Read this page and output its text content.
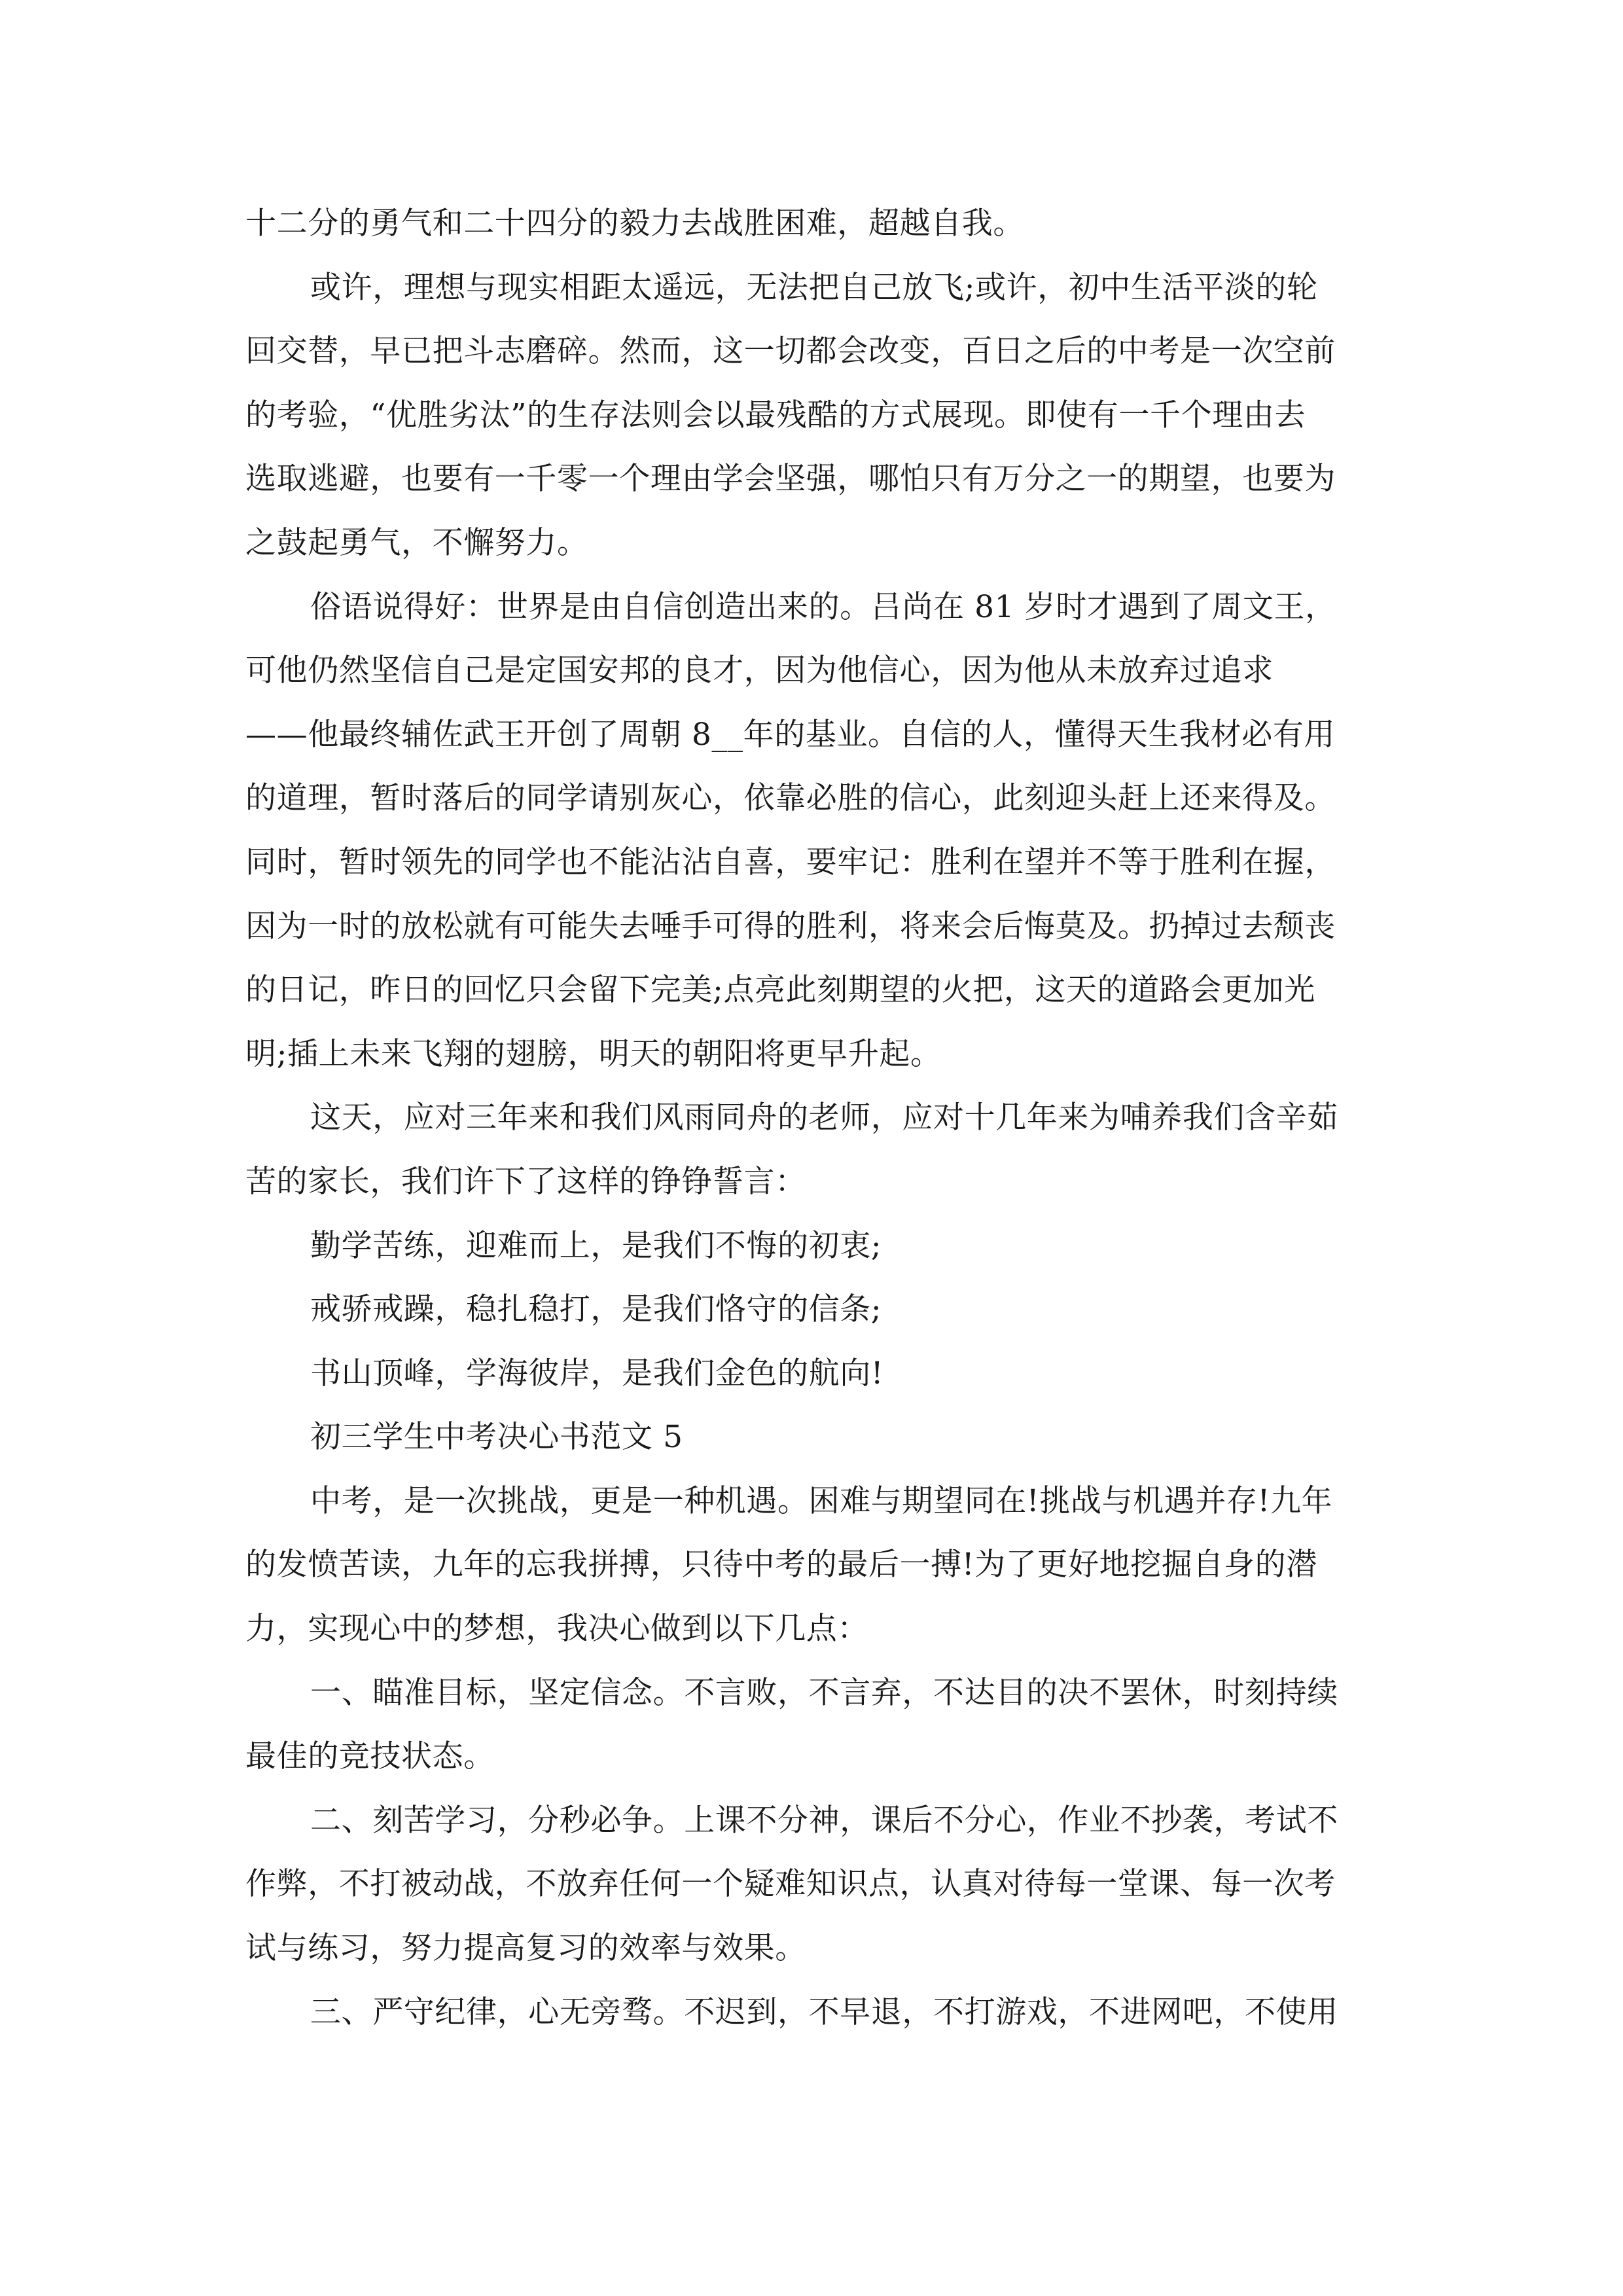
十二分的勇气和二十四分的毅力去战胜困难，超越自我。
或许，理想与现实相距太遥远，无法把自己放飞;或许，初中生活平淡的轮
回交替，早已把斗志磨碎。然而，这一切都会改变，百日之后的中考是一次空前
的考验，“优胜劣汰”的生存法则会以最残酷的方式展现。即使有一千个理由去
选取逃避，也要有一千零一个理由学会坚强，哪怕只有万分之一的期望，也要为
之鼓起勇气，不懈努力。
俗语说得好：世界是由自信创造出来的。吕尚在 81 岁时才遇到了周文王，
可他仍然坚信自己是定国安邦的良才，因为他信心，因为他从未放弃过追求
——他最终辅佐武王开创了周朝 8__年的基业。自信的人，懂得天生我材必有用
的道理，暂时落后的同学请别灰心，依靠必胜的信心，此刻迎头赶上还来得及。
同时，暂时领先的同学也不能沾沾自喜，要牢记：胜利在望并不等于胜利在握，
因为一时的放松就有可能失去唾手可得的胜利，将来会后悔莫及。扔掉过去颓丧
的日记，昨日的回忆只会留下完美;点亮此刻期望的火把，这天的道路会更加光
明;插上未来飞翔的翅膀，明天的朝阳将更早升起。
这天，应对三年来和我们风雨同舟的老师，应对十几年来为哺养我们含辛茹
苦的家长，我们许下了这样的铮铮誓言：
勤学苦练，迎难而上，是我们不悔的初衷;
戒骄戒躁，稳扎稳打，是我们恪守的信条;
书山顶峰，学海彼岸，是我们金色的航向!
初三学生中考决心书范文 5
中考，是一次挑战，更是一种机遇。困难与期望同在!挑战与机遇并存!九年
的发愤苦读，九年的忘我拼搏，只待中考的最后一搏!为了更好地挖掘自身的潜
力，实现心中的梦想，我决心做到以下几点：
一、瞄准目标，坚定信念。不言败，不言弃，不达目的决不罢休，时刻持续
最佳的竞技状态。
二、刻苦学习，分秒必争。上课不分神，课后不分心，作业不抄袭，考试不
作弊，不打被动战，不放弃任何一个疑难知识点，认真对待每一堂课、每一次考
试与练习，努力提高复习的效率与效果。
三、严守纪律，心无旁骛。不迟到，不早退，不打游戏，不进网吧，不使用
